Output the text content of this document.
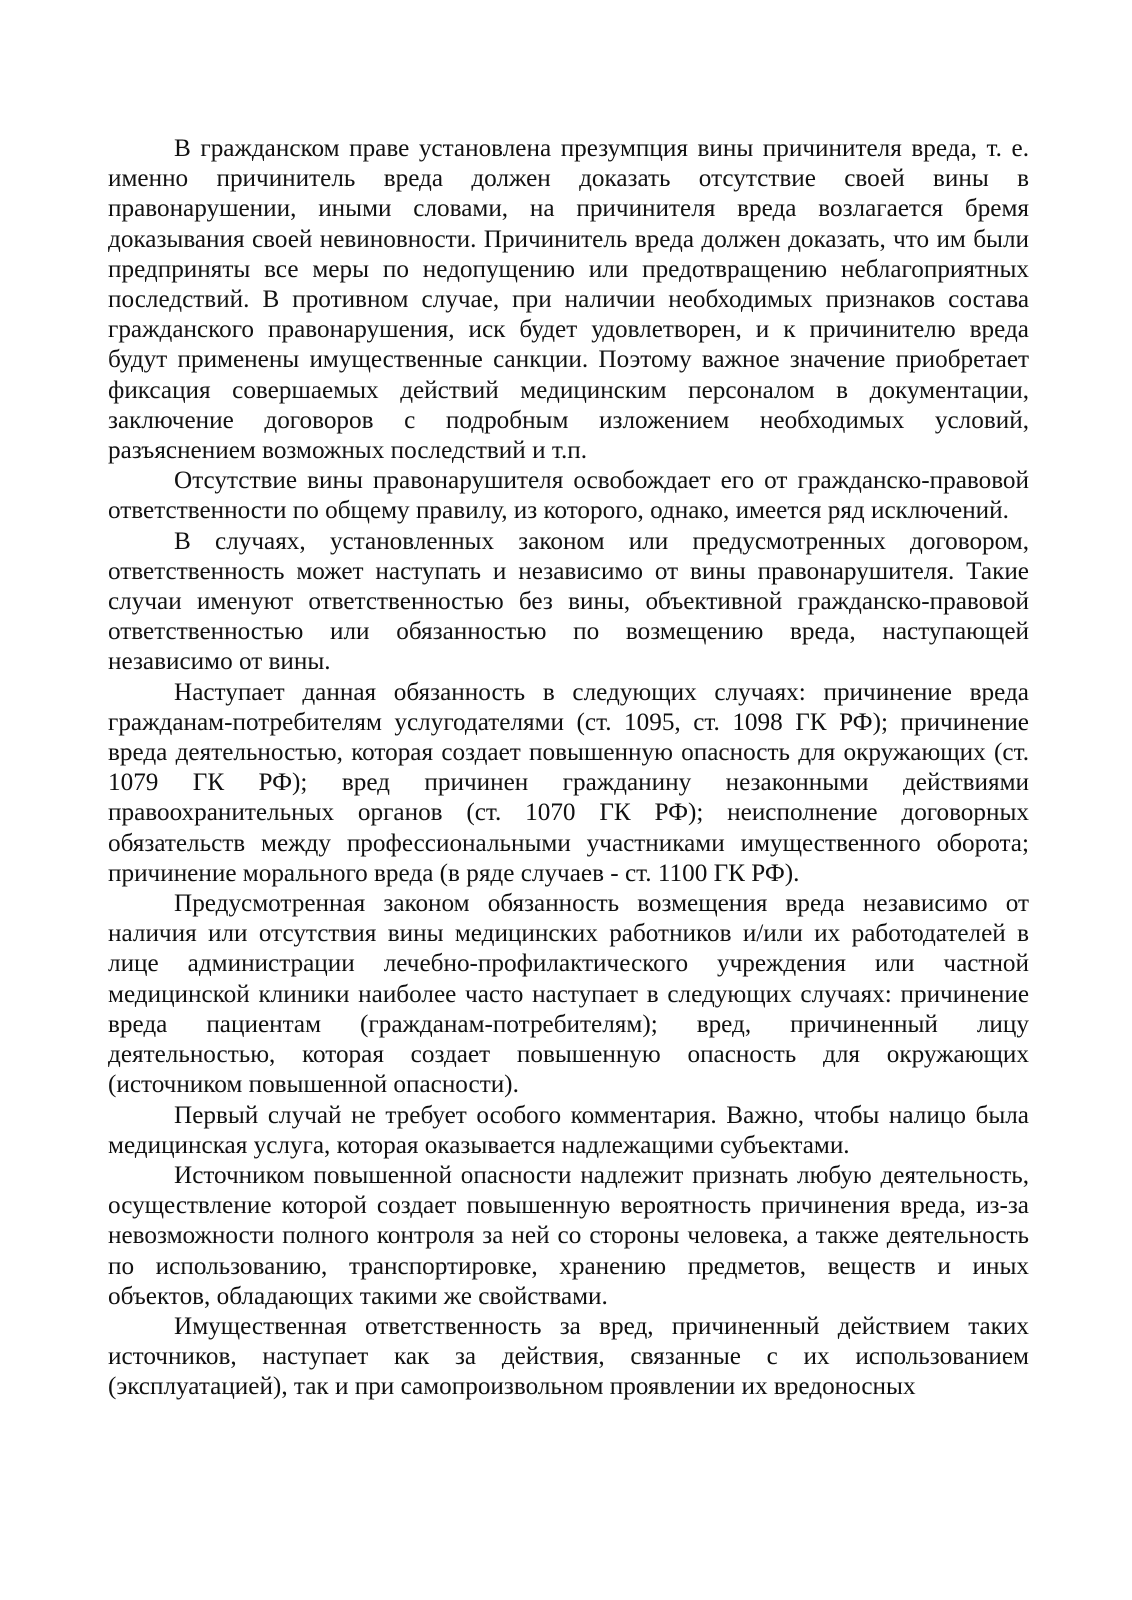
В гражданском праве установлена презумпция вины причинителя вреда, т. е. именно причинитель вреда должен доказать отсутствие своей вины в правонарушении, иными словами, на причинителя вреда возлагается бремя доказывания своей невиновности. Причинитель вреда должен доказать, что им были предприняты все меры по недопущению или предотвращению неблагоприятных последствий. В противном случае, при наличии необходимых признаков состава гражданского правонарушения, иск будет удовлетворен, и к причинителю вреда будут применены имущественные санкции. Поэтому важное значение приобретает фиксация совершаемых действий медицинским персоналом в документации, заключение договоров с подробным изложением необходимых условий, разъяснением возможных последствий и т.п.

Отсутствие вины правонарушителя освобождает его от гражданско-правовой ответственности по общему правилу, из которого, однако, имеется ряд исключений.

В случаях, установленных законом или предусмотренных договором, ответственность может наступать и независимо от вины правонарушителя. Такие случаи именуют ответственностью без вины, объективной гражданско-правовой ответственностью или обязанностью по возмещению вреда, наступающей независимо от вины.

Наступает данная обязанность в следующих случаях: причинение вреда гражданам-потребителям услугодателями (ст. 1095, ст. 1098 ГК РФ); причинение вреда деятельностью, которая создает повышенную опасность для окружающих (ст. 1079 ГК РФ); вред причинен гражданину незаконными действиями правоохранительных органов (ст. 1070 ГК РФ); неисполнение договорных обязательств между профессиональными участниками имущественного оборота; причинение морального вреда (в ряде случаев - ст. 1100 ГК РФ).

Предусмотренная законом обязанность возмещения вреда независимо от наличия или отсутствия вины медицинских работников и/или их работодателей в лице администрации лечебно-профилактического учреждения или частной медицинской клиники наиболее часто наступает в следующих случаях: причинение вреда пациентам (гражданам-потребителям); вред, причиненный лицу деятельностью, которая создает повышенную опасность для окружающих (источником повышенной опасности).

Первый случай не требует особого комментария. Важно, чтобы налицо была медицинская услуга, которая оказывается надлежащими субъектами.

Источником повышенной опасности надлежит признать любую деятельность, осуществление которой создает повышенную вероятность причинения вреда, из-за невозможности полного контроля за ней со стороны человека, а также деятельность по использованию, транспортировке, хранению предметов, веществ и иных объектов, обладающих такими же свойствами.

Имущественная ответственность за вред, причиненный действием таких источников, наступает как за действия, связанные с их использованием (эксплуатацией), так и при самопроизвольном проявлении их вредоносных
